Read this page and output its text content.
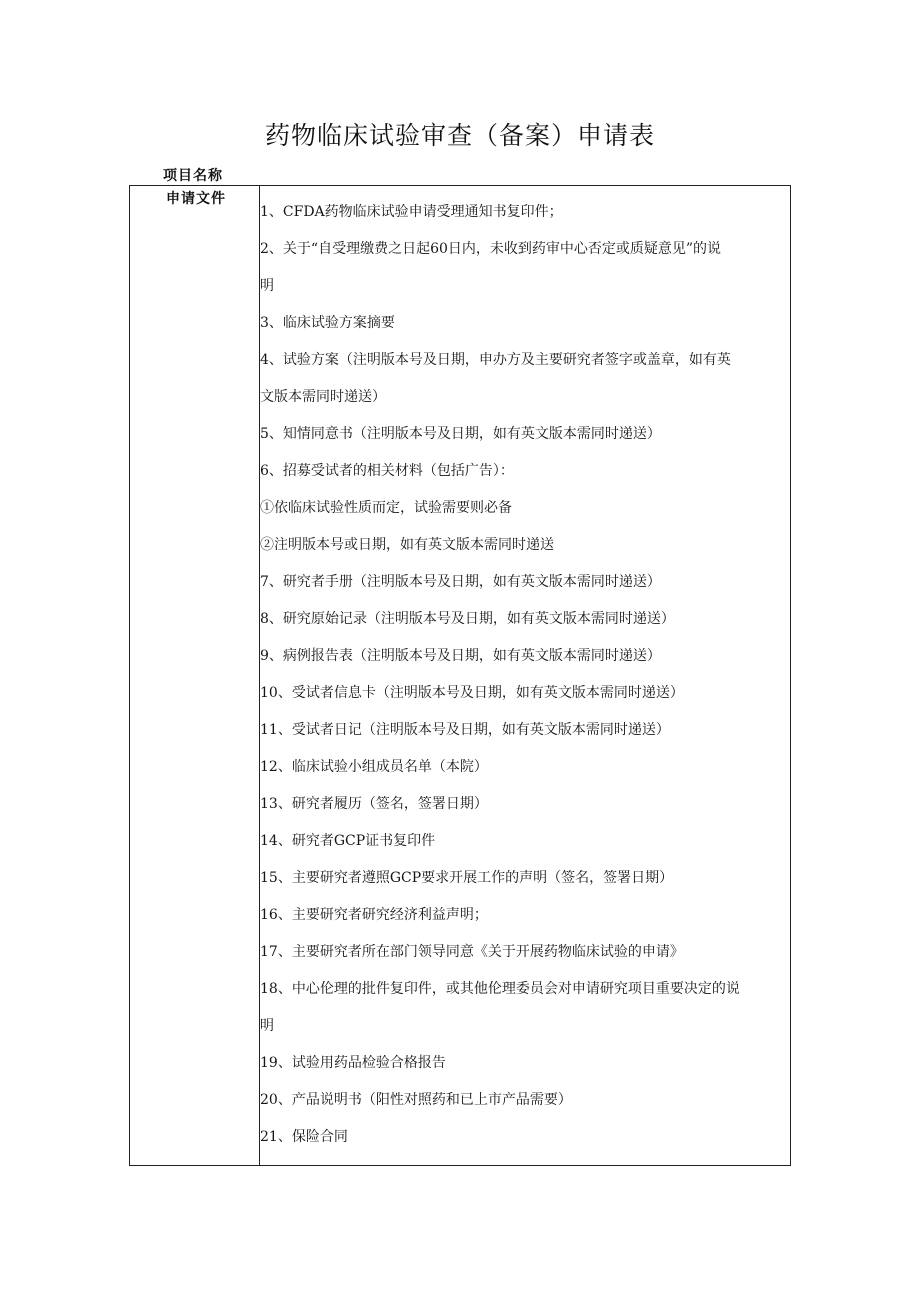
药物临床试验审查（备案）申请表
项目名称
申请文件
1、CFDA药物临床试验申请受理通知书复印件；
2、关于“自受理缴费之日起60日内，未收到药审中心否定或质疑意见”的说
明
3、临床试验方案摘要
4、试验方案（注明版本号及日期，申办方及主要研究者签字或盖章，如有英
文版本需同时递送）
5、知情同意书（注明版本号及日期，如有英文版本需同时递送）
6、招募受试者的相关材料（包括广告）：
①依临床试验性质而定，试验需要则必备
②注明版本号或日期，如有英文版本需同时递送
7、研究者手册（注明版本号及日期，如有英文版本需同时递送）
8、研究原始记录（注明版本号及日期，如有英文版本需同时递送）
9、病例报告表（注明版本号及日期，如有英文版本需同时递送）
10、受试者信息卡（注明版本号及日期，如有英文版本需同时递送）
11、受试者日记（注明版本号及日期，如有英文版本需同时递送）
12、临床试验小组成员名单（本院）
13、研究者履历（签名，签署日期）
14、研究者GCP证书复印件
15、主要研究者遵照GCP要求开展工作的声明（签名，签署日期）
16、主要研究者研究经济利益声明；
17、主要研究者所在部门领导同意《关于开展药物临床试验的申请》
18、中心伦理的批件复印件，或其他伦理委员会对申请研究项目重要决定的说
明
19、试验用药品检验合格报告
20、产品说明书（阳性对照药和已上市产品需要）
21、保险合同
